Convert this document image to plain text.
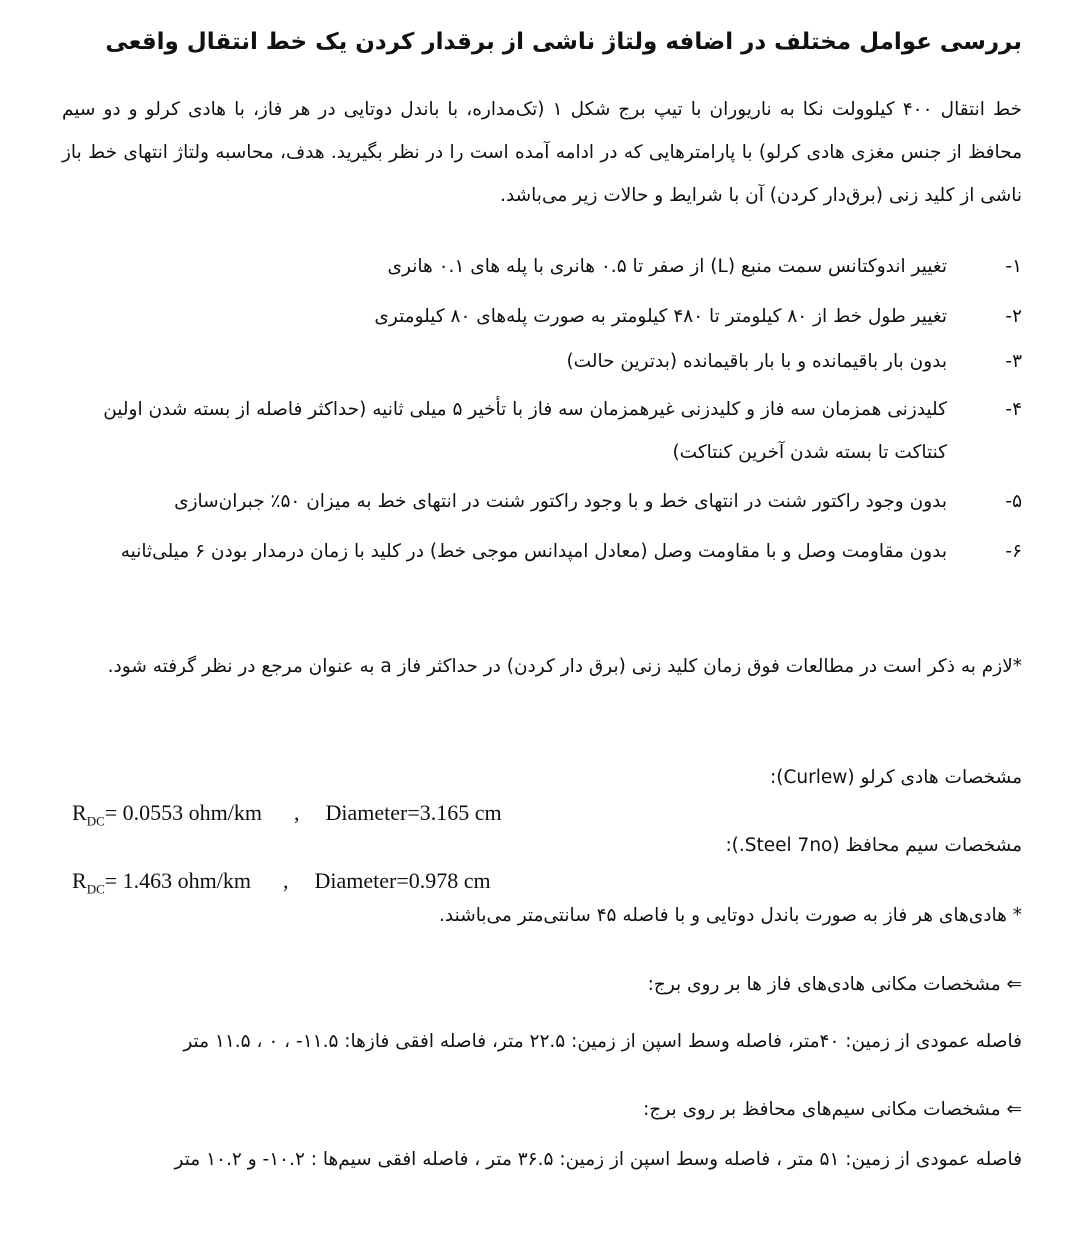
بررسی عوامل مختلف در اضافه ولتاژ ناشی از برقدار کردن یک خط انتقال واقعی
خط انتقال ۴۰۰ کیلوولت نکا به ناریوران با تیپ برج شکل ۱ (تک‌مداره، با باندل دوتایی در هر فاز، با هادی کرلو و دو سیم محافظ از جنس مغزی هادی کرلو) با پارامترهایی که در ادامه آمده است را در نظر بگیرید. هدف، محاسبه ولتاژ انتهای خط باز ناشی از کلید زنی (برق‌دار کردن) آن با شرایط و حالات زیر می‌باشد.
۱-
تغییر اندوکتانس سمت منبع (L) از صفر تا ۰.۵ هانری با پله های ۰.۱ هانری
۲-
تغییر طول خط از ۸۰ کیلومتر تا ۴۸۰ کیلومتر به صورت پله‌های ۸۰ کیلومتری
۳-
بدون بار باقیمانده و با بار باقیمانده (بدترین حالت)
۴-
کلیدزنی همزمان سه فاز و کلیدزنی غیرهمزمان سه فاز با تأخیر ۵ میلی ثانیه (حداکثر فاصله از بسته شدن اولین کنتاکت تا بسته شدن آخرین کنتاکت)
۵-
بدون وجود راکتور شنت در انتهای خط و با وجود راکتور شنت در انتهای خط به میزان ۵۰٪ جبران‌سازی
۶-
بدون مقاومت وصل و با مقاومت وصل (معادل امپدانس موجی خط) در کلید با زمان درمدار بودن ۶ میلی‌ثانیه
*لازم به ذکر است در مطالعات فوق زمان کلید زنی (برق دار کردن) در حداکثر فاز a به عنوان مرجع در نظر گرفته شود.
مشخصات هادی کرلو (Curlew):
$R_{DC}= 0.0553$ ohm/km , Diameter=3.165 cm
مشخصات سیم محافظ (Steel 7no.):
$R_{DC}= 1.463$ ohm/km , Diameter=0.978 cm
* هادی‌های هر فاز به صورت باندل دوتایی و با فاصله ۴۵ سانتی‌متر می‌باشند.
⇐ مشخصات مکانی هادی‌های فاز ها بر روی برج:
فاصله عمودی از زمین: ۴۰متر، فاصله وسط اسپن از زمین: ۲۲.۵ متر، فاصله افقی فازها: ۱۱.۵- ، ۰ ، ۱۱.۵ متر
⇐ مشخصات مکانی سیم‌های محافظ بر روی برج:
فاصله عمودی از زمین: ۵۱ متر ، فاصله وسط اسپن از زمین: ۳۶.۵ متر ، فاصله افقی سیم‌ها : ۱۰.۲- و ۱۰.۲ متر
